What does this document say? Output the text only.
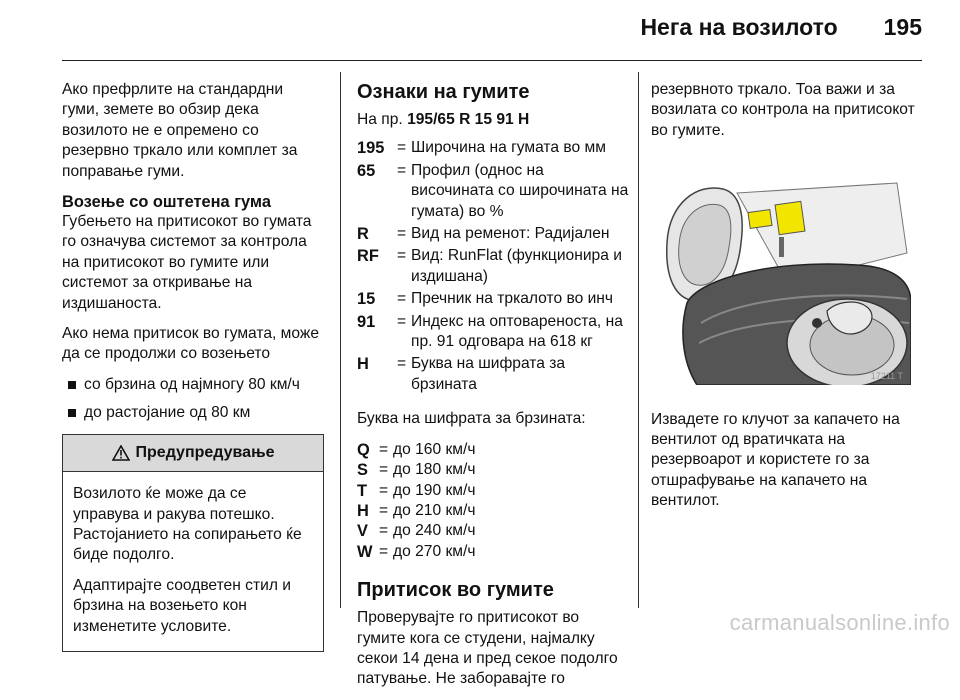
Нега на возилото 195

Ако префрлите на стандардни гуми, земете во обзир дека возилото не е опремено со резервно тркало или комплет за поправање гуми.

Возење со оштетена гума

Губењето на притисокот во гумата го означува системот за контрола на притисокот во гумите или системот за откривање на издишаноста.

Ако нема притисок во гумата, може да се продолжи со возењето

со брзина од најмногу 80 км/ч
до растојание од 80 км
Предупредување

Возилото ќе може да се управува и ракува потешко. Растојанието на сопирањето ќе биде подолго.

Адаптирајте соодветен стил и брзина на возењето кон изменетите условите.

Ознаки на гумите
На пр. 195/65 R 15 91 H
195 = Широчина на гумата во мм
65	= Профил (однос на височината со широчината на гумата) во %
R	= Вид на ременот: Радијален
RF	= Вид: RunFlat (функционира и издишана)
15	= Пречник на тркалото во инч
91	= Индекс на оптовареноста, на пр. 91 одговара на 618 кг
H	= Буква на шифрата за брзината

Буква на шифрата за брзината:

Q = до 160 км/ч
S = до 180 км/ч
T = до 190 км/ч
H = до 210 км/ч
V = до 240 км/ч
W = до 270 км/ч
Притисок во гумите

Проверувајте го притисокот во гумите кога се студени, најмалку секои 14 дена и пред секое подолго патување. Не заборавајте го

резервното тркало. Тоа важи и за возилата со контрола на притисокот во гумите.

17211 T

Извадете го клучот за капачето на вентилот од вратичката на резервоарот и користете го за отшрафување на капачето на вентилот.

carmanualsonline.info
